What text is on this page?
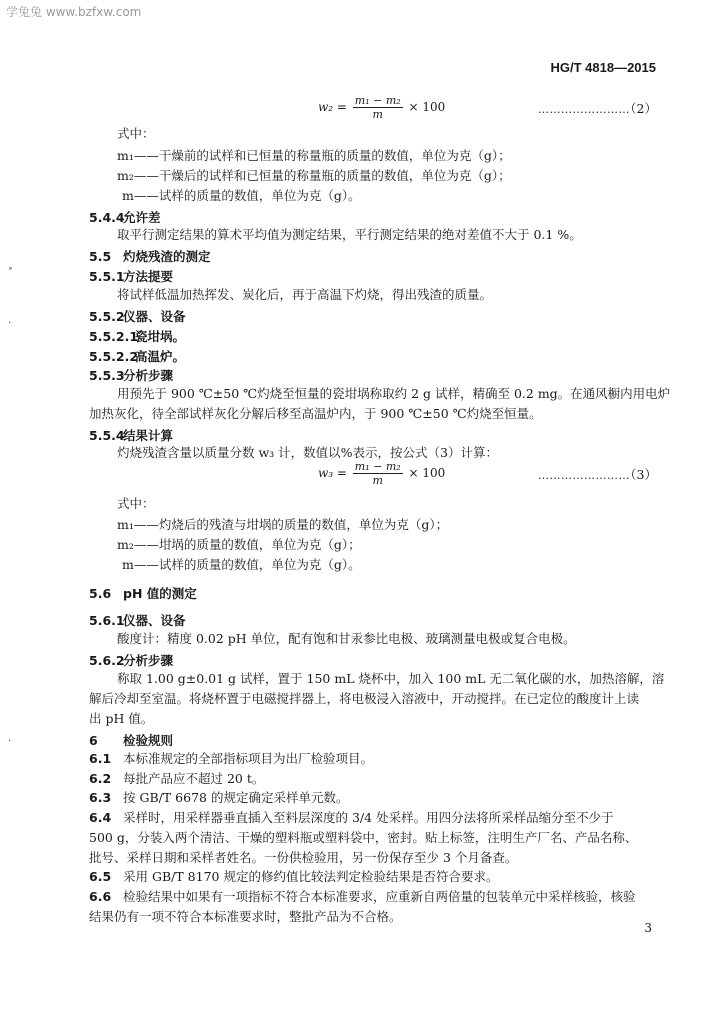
学兔兔 www.bzfxw.com
HG/T 4818—2015
$w_2 = \frac{\text{m₁ − m₂}}{m} \times 100$	……………………
（2）
式中：
m₁——干燥前的试样和已恒量的称量瓶的质量的数值，单位为克（g）；
m₂——干燥后的试样和已恒量的称量瓶的质量的数值，单位为克（g）；
m——试样的质量的数值，单位为克（g）。
5.4.4允许差
取平行测定结果的算术平均值为测定结果，平行测定结果的绝对差值不大于 0.1 %。
5.5 灼烧残渣的测定
5.5.1方法提要
将试样低温加热挥发、炭化后，再于高温下灼烧，得出残渣的质量。
5.5.2仪器、设备
5.5.2.1瓷坩埚。
5.5.2.2高温炉。
5.5.3分析步骤
用预先于 900 ℃±50 ℃灼烧至恒量的瓷坩埚称取约 2 g 试样，精确至 0.2 mg。在通风橱内用电炉
加热灰化，待全部试样灰化分解后移至高温炉内，于 900 ℃±50 ℃灼烧至恒量。
5.5.4结果计算
灼烧残渣含量以质量分数 w₃ 计，数值以%表示，按公式（3）计算：
$w_3 = \frac{\text{m₁ − m₂}}{m} \times 100$	……………………
（3）
式中：
m₁——灼烧后的残渣与坩埚的质量的数值，单位为克（g）；
m₂——坩埚的质量的数值，单位为克（g）；
m——试样的质量的数值，单位为克（g）。
5.6 pH 值的测定
5.6.1仪器、设备
酸度计：精度 0.02 pH 单位，配有饱和甘汞参比电极、玻璃测量电极或复合电极。
5.6.2分析步骤
称取 1.00 g±0.01 g 试样，置于 150 mL 烧杯中，加入 100 mL 无二氧化碳的水，加热溶解，溶
解后冷却至室温。将烧杯置于电磁搅拌器上，将电极浸入溶液中，开动搅拌。在已定位的酸度计上读
出 pH 值。
6 检验规则
6.1 本标准规定的全部指标项目为出厂检验项目。
6.2 每批产品应不超过 20 t。
6.3 按 GB/T 6678 的规定确定采样单元数。
6.4 采样时，用采样器垂直插入至料层深度的 3/4 处采样。用四分法将所采样品缩分至不少于
500 g，分装入两个清洁、干燥的塑料瓶或塑料袋中，密封。贴上标签，注明生产厂名、产品名称、
批号、采样日期和采样者姓名。一份供检验用，另一份保存至少 3 个月备查。
6.5 采用 GB/T 8170 规定的修约值比较法判定检验结果是否符合要求。
6.6 检验结果中如果有一项指标不符合本标准要求，应重新自两倍量的包装单元中采样核验，核验
结果仍有一项不符合本标准要求时，整批产品为不合格。
3
˚
·
·
